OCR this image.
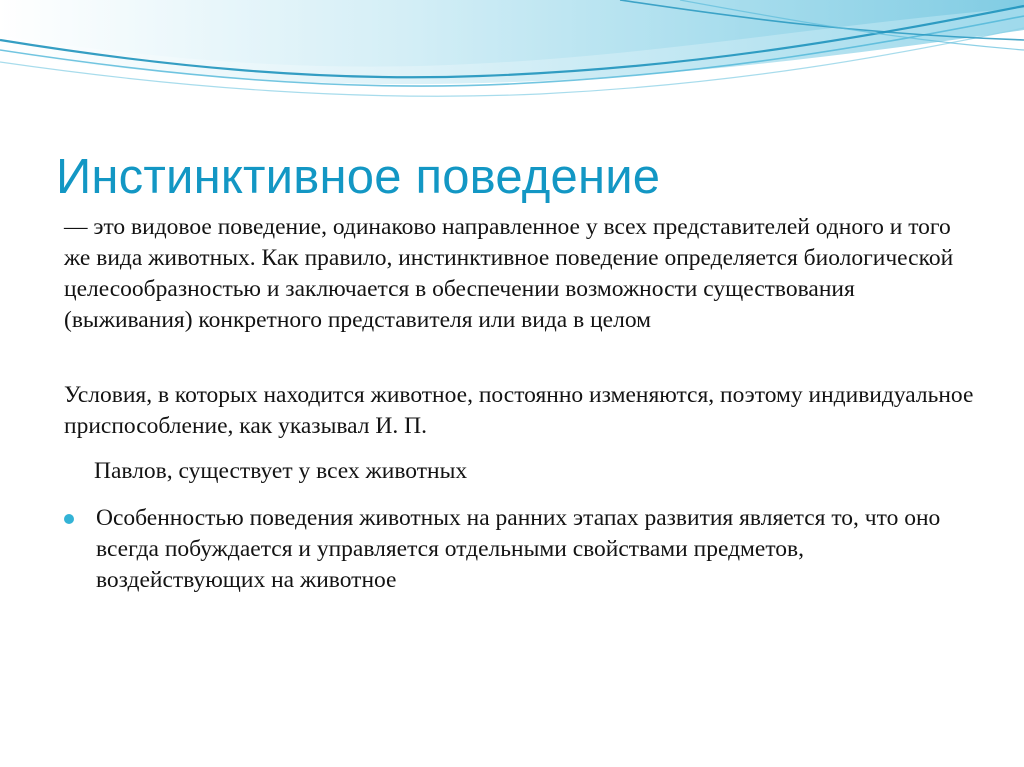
Инстинктивное поведение

— это видовое поведение, одинаково направленное у всех представителей одного и того же вида животных. Как правило, инстинктивное поведение определяется биологической целесообразностью и заключается в обеспечении возможности существования (выживания) конкретного представителя или вида в целом

Условия, в которых находится животное, постоянно изменяются, поэтому индивидуальное приспособление, как указывал И. П.

Павлов, существует у всех животных

Особенностью поведения животных на ранних этапах развития является то, что оно всегда побуждается и управляется отдельными свойствами предметов, воздействующих на животное
